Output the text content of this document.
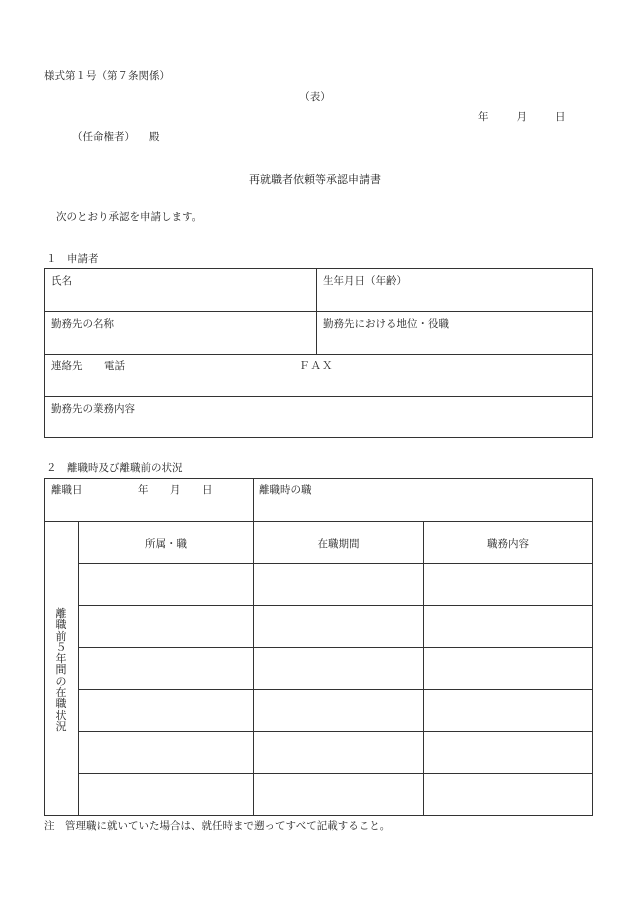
様式第１号（第７条関係）
（表）
年	月	日
（任命権者） 殿
再就職者依頼等承認申請書
次のとおり承認を申請します。
１　申請者
氏名	生年月日（年齢）
勤務先の名称	勤務先における地位・役職
連絡先 電話	ＦＡＸ
勤務先の業務内容
２　離職時及び離職前の状況
離職日	年 月 日	離職時の職
離職前５年間の在職状況
所属・職	在職期間	職務内容
注　管理職に就いていた場合は、就任時まで遡ってすべて記載すること。
